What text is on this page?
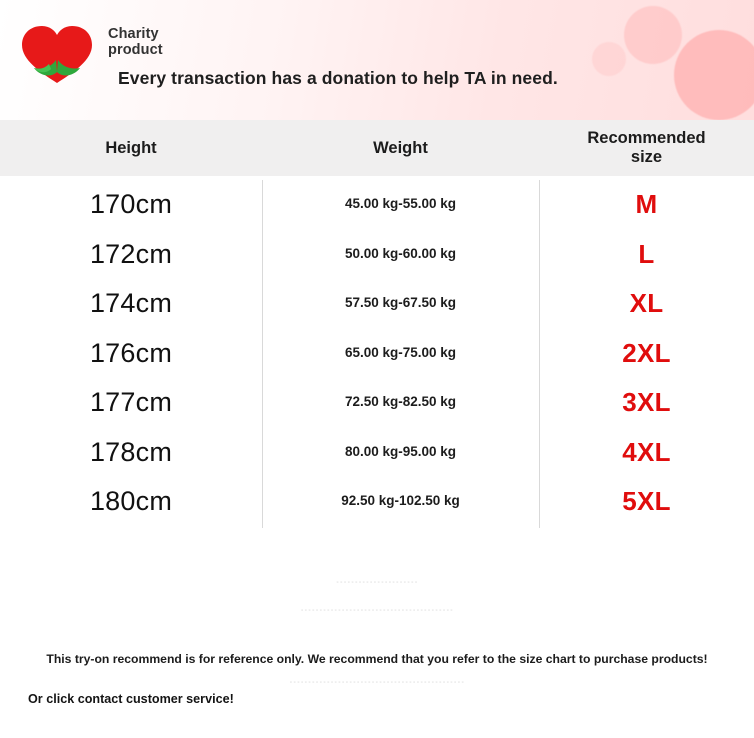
Charity
product
Every transaction has a donation to help TA in need.
Height	Weight
Recommended
size
170cm	45.00 kg-55.00 kg	M
172cm	50.00 kg-60.00 kg	L
174cm	57.50 kg-67.50 kg	XL
176cm	65.00 kg-75.00 kg	2XL
177cm	72.50 kg-82.50 kg	3XL
178cm	80.00 kg-95.00 kg	4XL
180cm	92.50 kg-102.50 kg	5XL
......................
.........................................
...............................................
This try-on recommend is for reference only. We recommend that you refer to the size chart to purchase products!
Or click contact customer service!
